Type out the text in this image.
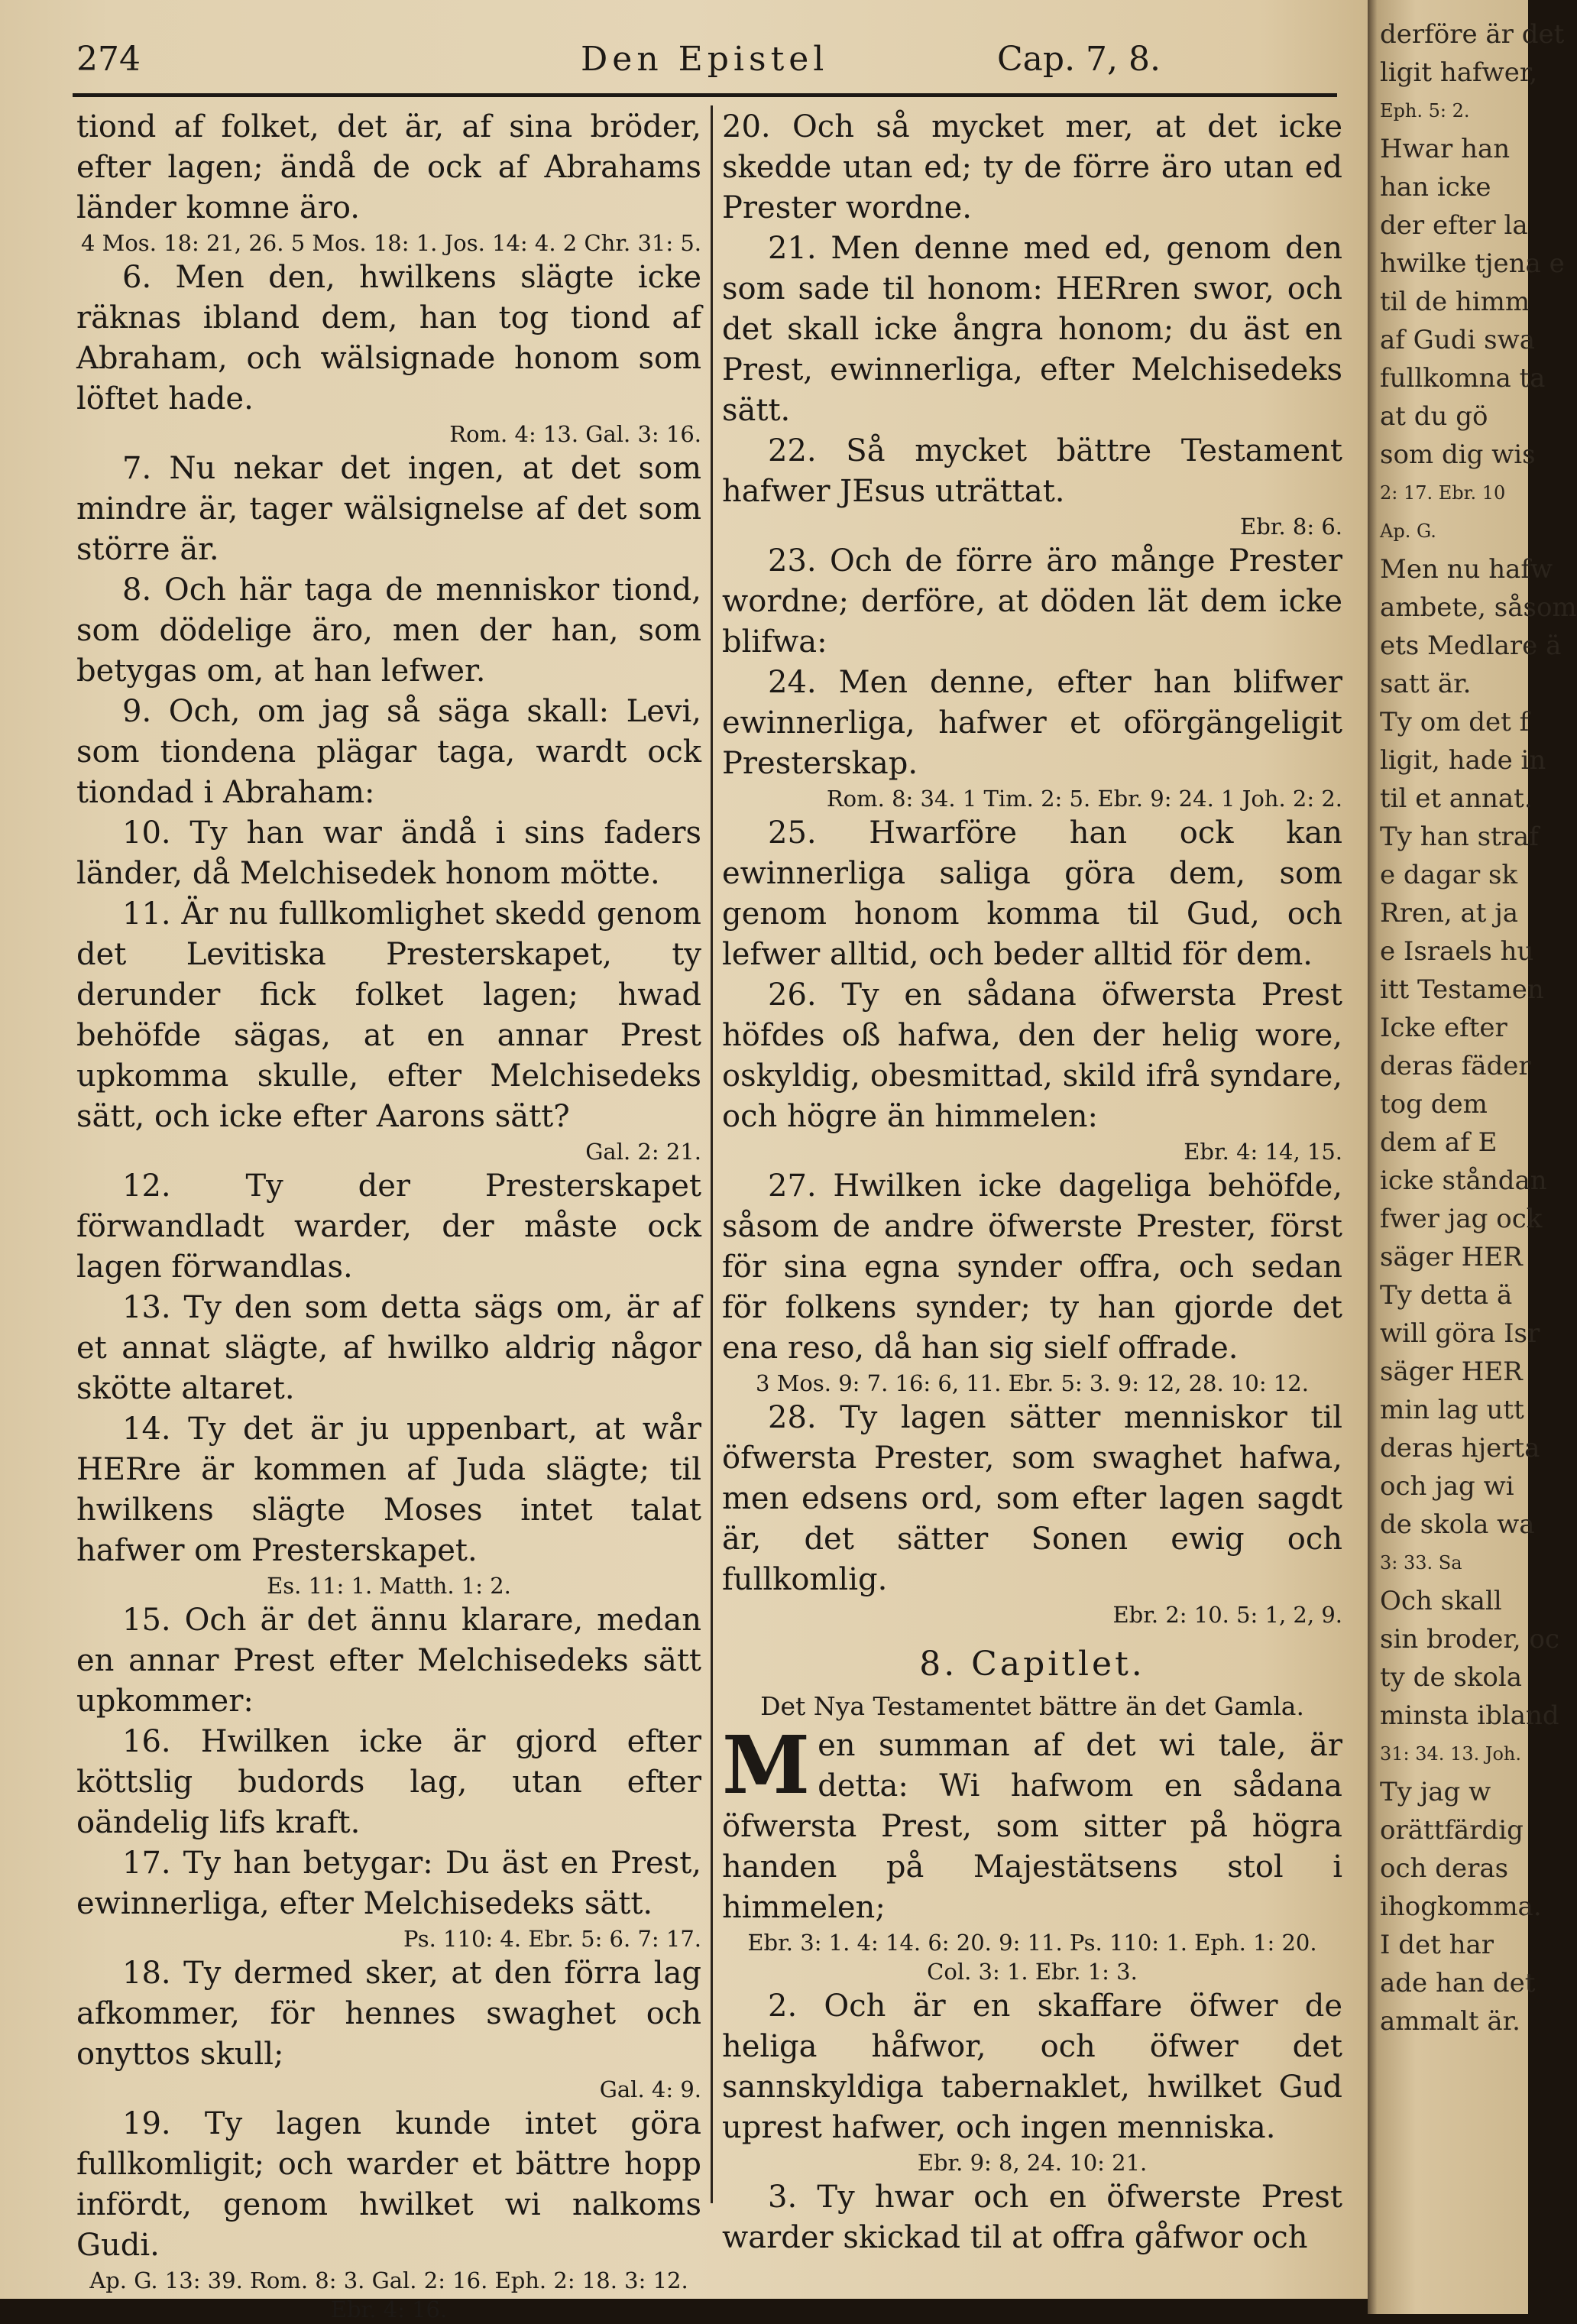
274	Den Epistel	Cap. 7, 8.

tiond af folket, det är, af sina bröder, efter lagen; ändå de ock af Abrahams länder komne äro.

4 Mos. 18: 21, 26. 5 Mos. 18: 1. Jos. 14: 4. 2 Chr. 31: 5.

6. Men den, hwilkens slägte icke räknas ibland dem, han tog tiond af Abraham, och wälsignade honom som löftet hade.

Rom. 4: 13. Gal. 3: 16.

7. Nu nekar det ingen, at det som mindre är, tager wälsignelse af det som större är.

8. Och här taga de menniskor tiond, som dödelige äro, men der han, som betygas om, at han lefwer.

9. Och, om jag så säga skall: Levi, som tiondena plägar taga, wardt ock tiondad i Abraham:

10. Ty han war ändå i sins faders länder, då Melchisedek honom mötte.

11. Är nu fullkomlighet skedd genom det Levitiska Presterskapet, ty derunder fick folket lagen; hwad behöfde sägas, at en annar Prest upkomma skulle, efter Melchisedeks sätt, och icke efter Aarons sätt?

Gal. 2: 21.

12. Ty der Presterskapet förwandladt warder, der måste ock lagen förwandlas.

13. Ty den som detta sägs om, är af et annat slägte, af hwilko aldrig någor skötte altaret.

14. Ty det är ju uppenbart, at wår HERre är kommen af Juda slägte; til hwilkens slägte Moses intet talat hafwer om Presterskapet.

Es. 11: 1. Matth. 1: 2.

15. Och är det ännu klarare, medan en annar Prest efter Melchisedeks sätt upkommer:

16. Hwilken icke är gjord efter köttslig budords lag, utan efter oändelig lifs kraft.

17. Ty han betygar: Du äst en Prest, ewinnerliga, efter Melchisedeks sätt.

Ps. 110: 4. Ebr. 5: 6. 7: 17.

18. Ty dermed sker, at den förra lag afkommer, för hennes swaghet och onyttos skull;

Gal. 4: 9.

19. Ty lagen kunde intet göra fullkomligit; och warder et bättre hopp infördt, genom hwilket wi nalkoms Gudi.

Ap. G. 13: 39. Rom. 8: 3. Gal. 2: 16. Eph. 2: 18. 3: 12. Ebr. 4: 16.

20. Och så mycket mer, at det icke skedde utan ed; ty de förre äro utan ed Prester wordne.

21. Men denne med ed, genom den som sade til honom: HERren swor, och det skall icke ångra honom; du äst en Prest, ewinnerliga, efter Melchisedeks sätt.

22. Så mycket bättre Testament hafwer JEsus uträttat.

Ebr. 8: 6.

23. Och de förre äro månge Prester wordne; derföre, at döden lät dem icke blifwa:

24. Men denne, efter han blifwer ewinnerliga, hafwer et oförgängeligit Presterskap.

Rom. 8: 34. 1 Tim. 2: 5. Ebr. 9: 24. 1 Joh. 2: 2.

25. Hwarföre han ock kan ewinnerliga saliga göra dem, som genom honom komma til Gud, och lefwer alltid, och beder alltid för dem.

26. Ty en sådana öfwersta Prest höfdes oß hafwa, den der helig wore, oskyldig, obesmittad, skild ifrå syndare, och högre än himmelen:

Ebr. 4: 14, 15.

27. Hwilken icke dageliga behöfde, såsom de andre öfwerste Prester, först för sina egna synder offra, och sedan för folkens synder; ty han gjorde det ena reso, då han sig sielf offrade.

3 Mos. 9: 7. 16: 6, 11. Ebr. 5: 3. 9: 12, 28. 10: 12.

28. Ty lagen sätter menniskor til öfwersta Prester, som swaghet hafwa, men edsens ord, som efter lagen sagdt är, det sätter Sonen ewig och fullkomlig.

Ebr. 2: 10. 5: 1, 2, 9.

8. Capitlet.

Det Nya Testamentet bättre än det Gamla.

Men summan af det wi tale, är detta: Wi hafwom en sådana öfwersta Prest, som sitter på högra handen på Majestätsens stol i himmelen;

Ebr. 3: 1. 4: 14. 6: 20. 9: 11. Ps. 110: 1. Eph. 1: 20. Col. 3: 1. Ebr. 1: 3.

2. Och är en skaffare öfwer de heliga håfwor, och öfwer det sannskyldiga tabernaklet, hwilket Gud uprest hafwer, och ingen menniska.

Ebr. 9: 8, 24. 10: 21.

3. Ty hwar och en öfwerste Prest warder skickad til at offra gåfwor och

derföre är det
ligit hafwer,
Eph. 5: 2.
Hwar han
han icke
der efter la
hwilke tjena e
til de himm
af Gudi swa
fullkomna ta
at du gö
som dig wis
2: 17. Ebr. 10
Ap. G.
Men nu hafw
ambete, såsom
ets Medlare ä
satt är.
Ty om det f
ligit, hade in
til et annat.
Ty han straf
e dagar sk
Rren, at ja
e Israels hu
itt Testamen
Icke efter
deras fäder
tog dem
dem af E
icke ståndan
fwer jag ock
säger HER
Ty detta ä
will göra Isr
säger HER
min lag utt
deras hjerta
och jag wi
de skola wa
3: 33. Sa
Och skall
sin broder, oc
ty de skola
minsta ibland
31: 34. 13. Joh.
Ty jag w
orättfärdig
och deras
ihogkomma.
I det har
ade han det
ammalt är.
